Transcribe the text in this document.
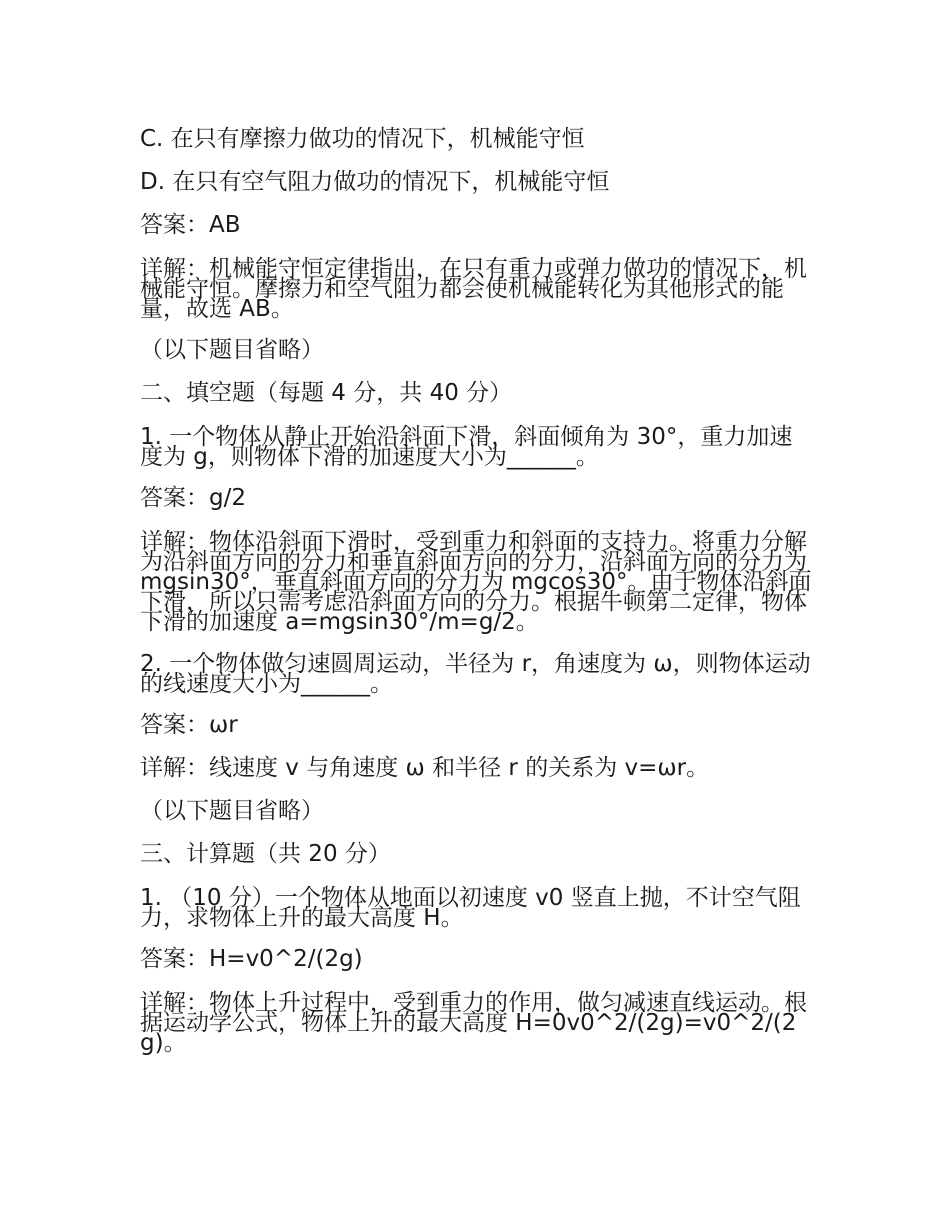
C. 在只有摩擦力做功的情况下，机械能守恒
D. 在只有空气阻力做功的情况下，机械能守恒
答案：AB
详解：机械能守恒定律指出，在只有重力或弹力做功的情况下，机械能守恒。摩擦力和空气阻力都会使机械能转化为其他形式的能量，故选 AB。
（以下题目省略）
二、填空题（每题 4 分，共 40 分）
1. 一个物体从静止开始沿斜面下滑，斜面倾角为 30°，重力加速度为 g，则物体下滑的加速度大小为______。
答案：g/2
详解：物体沿斜面下滑时，受到重力和斜面的支持力。将重力分解为沿斜面方向的分力和垂直斜面方向的分力，沿斜面方向的分力为 mgsin30°，垂直斜面方向的分力为 mgcos30°。由于物体沿斜面下滑，所以只需考虑沿斜面方向的分力。根据牛顿第二定律，物体下滑的加速度 a=mgsin30°/m=g/2。
2. 一个物体做匀速圆周运动，半径为 r，角速度为 ω，则物体运动的线速度大小为______。
答案：ωr
详解：线速度 v 与角速度 ω 和半径 r 的关系为 v=ωr。
（以下题目省略）
三、计算题（共 20 分）
1. （10 分）一个物体从地面以初速度 v0 竖直上抛，不计空气阻力，求物体上升的最大高度 H。
答案：H=v0^2/(2g)
详解：物体上升过程中，受到重力的作用，做匀减速直线运动。根据运动学公式，物体上升的最大高度 H=0v0^2/(2g)=v0^2/(2g)。
